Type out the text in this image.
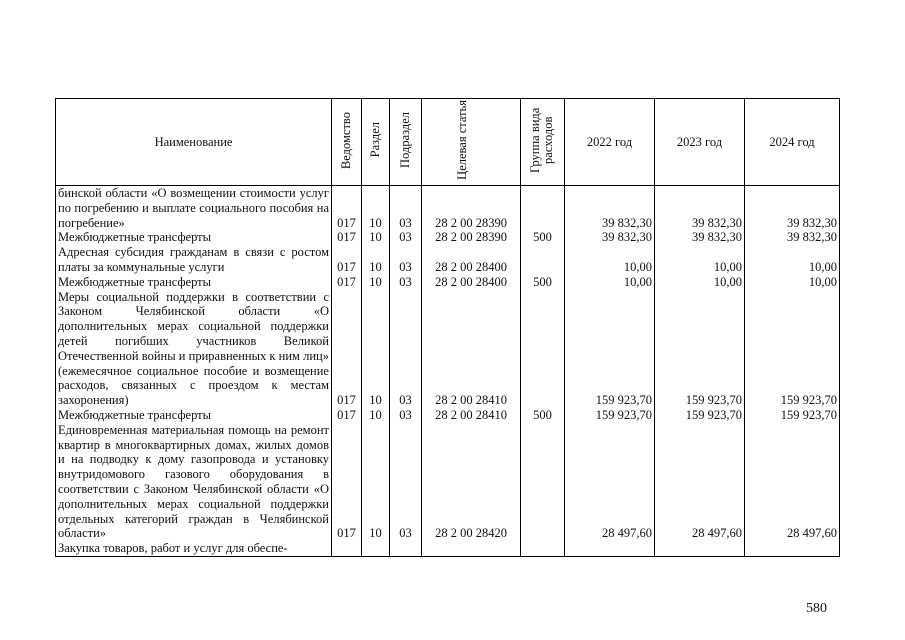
Наименование	Ведомство	Раздел	Подраздел	Целевая статья	Группа вида расходов	2022 год	2023 год	2024 год
бинской области «О возмещении стоимости услуг по погребению и выплате социального пособия на погребение»	017	10	03	28 2 00 28390		39 832,30	39 832,30	39 832,30
Межбюджетные трансферты	017	10	03	28 2 00 28390	500	39 832,30	39 832,30	39 832,30
Адресная субсидия гражданам в связи с ростом платы за коммунальные услуги	017	10	03	28 2 00 28400		10,00	10,00	10,00
Межбюджетные трансферты	017	10	03	28 2 00 28400	500	10,00	10,00	10,00
Меры социальной поддержки в соответствии с Законом Челябинской области «О дополнительных мерах социальной поддержки детей погибших участников Великой Отечественной войны и приравненных к ним лиц» (ежемесячное социальное пособие и возмещение расходов, связанных с проездом к местам захоронения)	017	10	03	28 2 00 28410		159 923,70	159 923,70	159 923,70
Межбюджетные трансферты	017	10	03	28 2 00 28410	500	159 923,70	159 923,70	159 923,70
Единовременная материальная помощь на ремонт квартир в многоквартирных домах, жилых домов и на подводку к дому газопровода и установку внутридомового газового оборудования в соответствии с Законом Челябинской области «О дополнительных мерах социальной поддержки отдельных категорий граждан в Челябинской области»	017	10	03	28 2 00 28420		28 497,60	28 497,60	28 497,60
Закупка товаров, работ и услуг для обеспе-								
580
